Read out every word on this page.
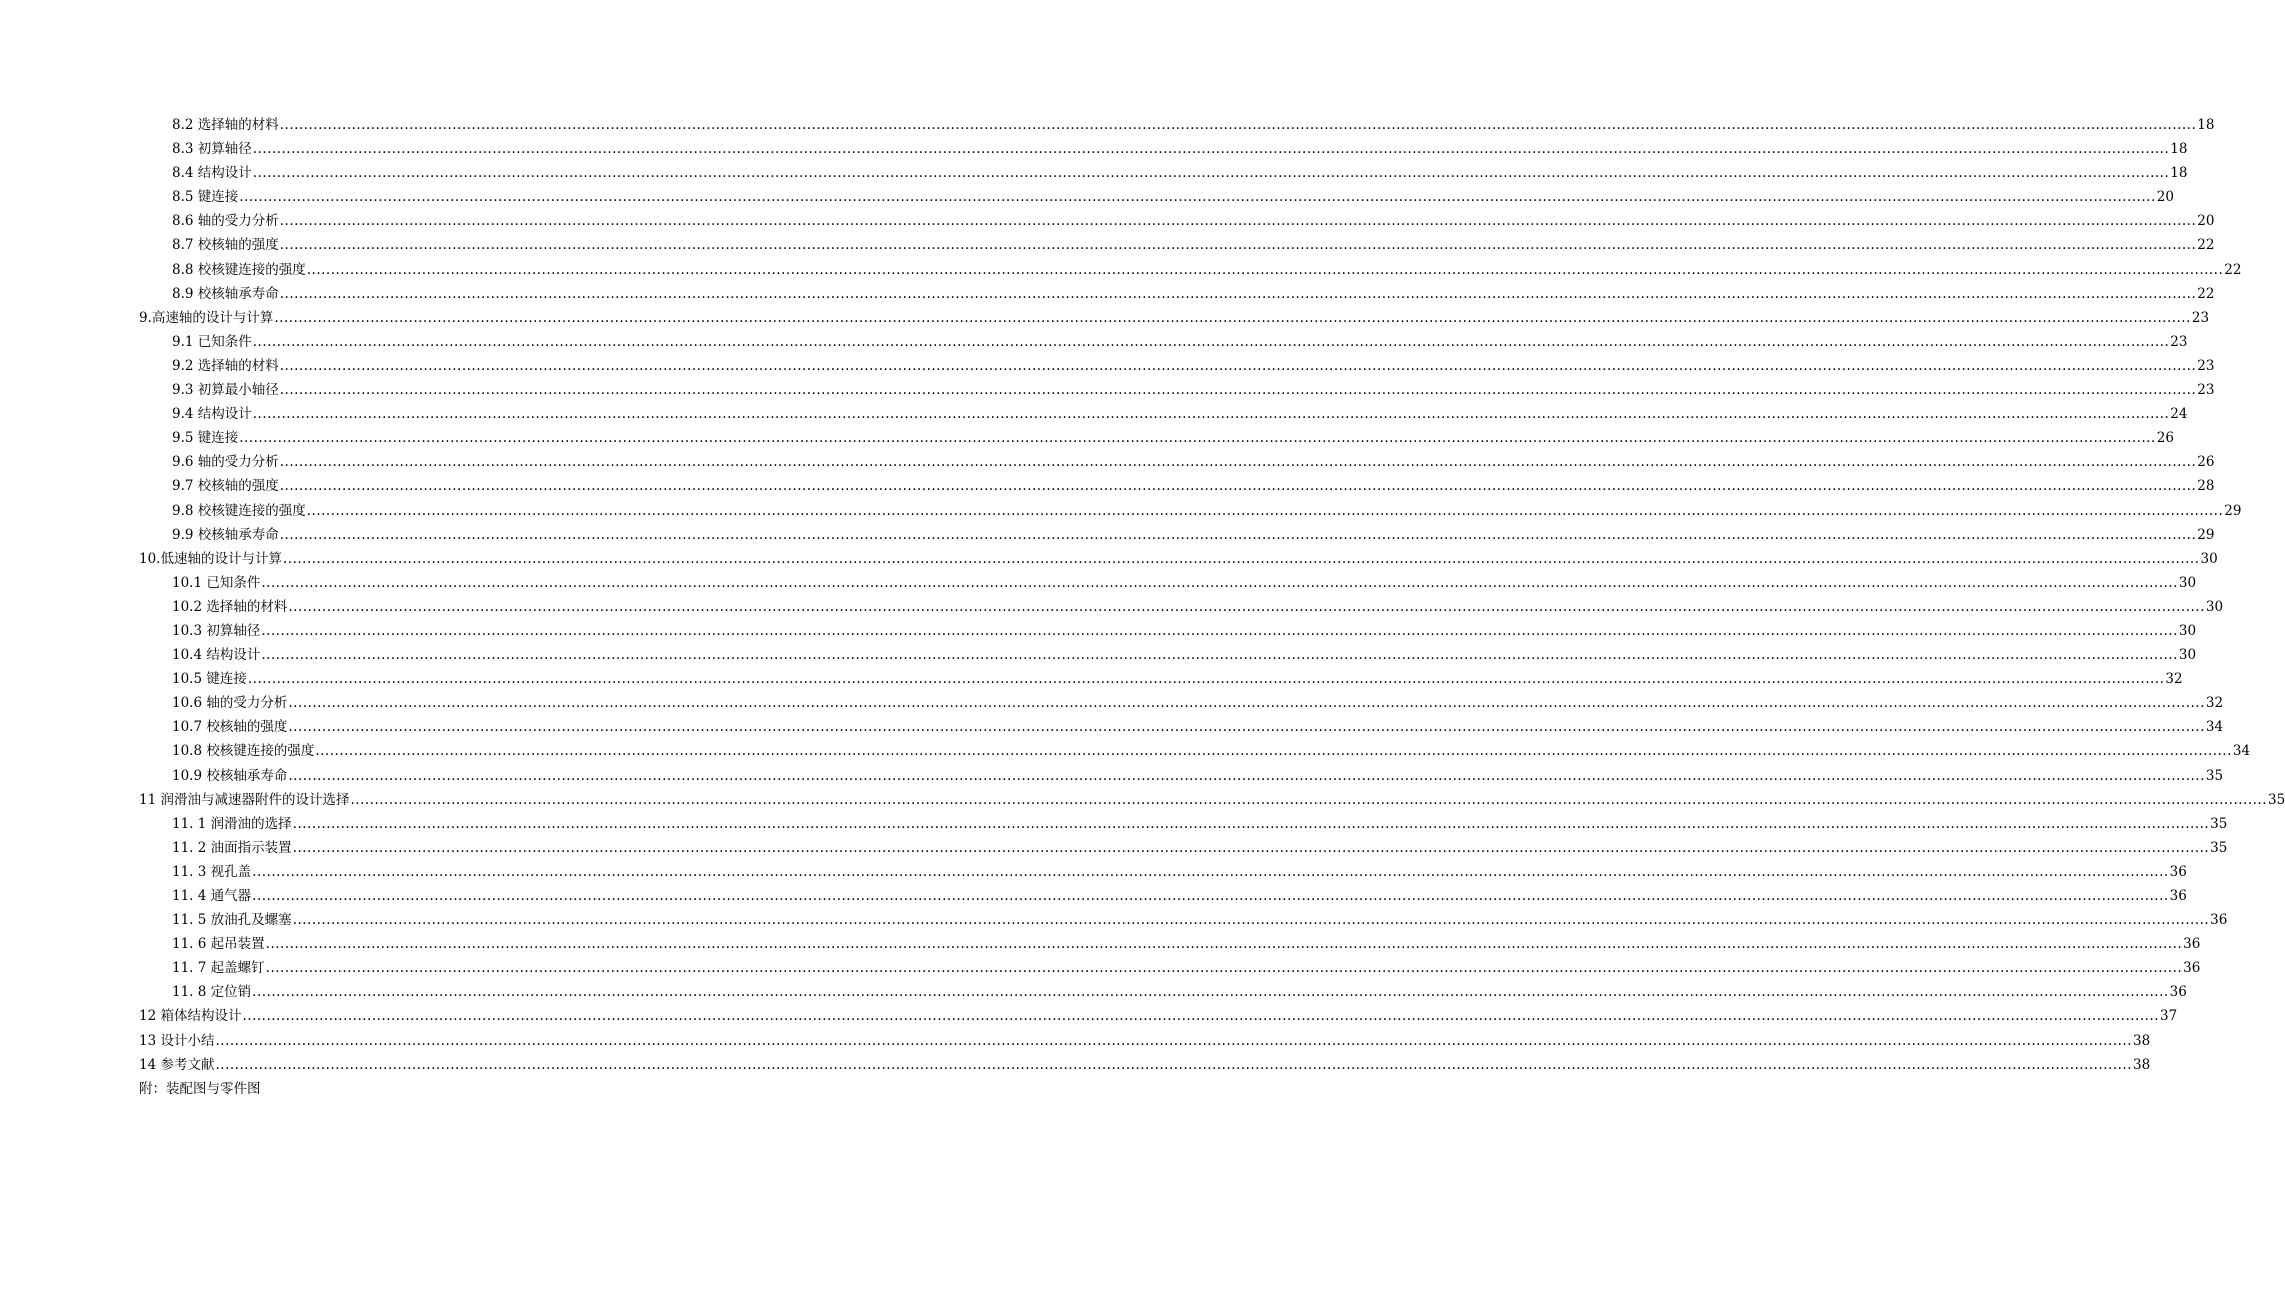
8.2 选择轴的材料 ................................................................................................................................................................................................................................................................................................................................................................................................................ 18
8.3 初算轴径 ................................................................................................................................................................................................................................................................................................................................................................................................................ 18
8.4 结构设计 ................................................................................................................................................................................................................................................................................................................................................................................................................ 18
8.5 键连接 ................................................................................................................................................................................................................................................................................................................................................................................................................ 20
8.6 轴的受力分析 ................................................................................................................................................................................................................................................................................................................................................................................................................ 20
8.7 校核轴的强度 ................................................................................................................................................................................................................................................................................................................................................................................................................ 22
8.8 校核键连接的强度 ................................................................................................................................................................................................................................................................................................................................................................................................................ 22
8.9 校核轴承寿命 ................................................................................................................................................................................................................................................................................................................................................................................................................ 22
9.高速轴的设计与计算 ................................................................................................................................................................................................................................................................................................................................................................................................................ 23
9.1 已知条件 ................................................................................................................................................................................................................................................................................................................................................................................................................ 23
9.2 选择轴的材料 ................................................................................................................................................................................................................................................................................................................................................................................................................ 23
9.3 初算最小轴径 ................................................................................................................................................................................................................................................................................................................................................................................................................ 23
9.4 结构设计 ................................................................................................................................................................................................................................................................................................................................................................................................................ 24
9.5 键连接 ................................................................................................................................................................................................................................................................................................................................................................................................................ 26
9.6 轴的受力分析 ................................................................................................................................................................................................................................................................................................................................................................................................................ 26
9.7 校核轴的强度 ................................................................................................................................................................................................................................................................................................................................................................................................................ 28
9.8 校核键连接的强度 ................................................................................................................................................................................................................................................................................................................................................................................................................ 29
9.9 校核轴承寿命 ................................................................................................................................................................................................................................................................................................................................................................................................................ 29
10.低速轴的设计与计算 ................................................................................................................................................................................................................................................................................................................................................................................................................ 30
10.1 已知条件 ................................................................................................................................................................................................................................................................................................................................................................................................................ 30
10.2 选择轴的材料 ................................................................................................................................................................................................................................................................................................................................................................................................................ 30
10.3 初算轴径 ................................................................................................................................................................................................................................................................................................................................................................................................................ 30
10.4 结构设计 ................................................................................................................................................................................................................................................................................................................................................................................................................ 30
10.5 键连接 ................................................................................................................................................................................................................................................................................................................................................................................................................ 32
10.6 轴的受力分析 ................................................................................................................................................................................................................................................................................................................................................................................................................ 32
10.7 校核轴的强度 ................................................................................................................................................................................................................................................................................................................................................................................................................ 34
10.8 校核键连接的强度 ................................................................................................................................................................................................................................................................................................................................................................................................................ 34
10.9 校核轴承寿命 ................................................................................................................................................................................................................................................................................................................................................................................................................ 35
11 润滑油与减速器附件的设计选择 ................................................................................................................................................................................................................................................................................................................................................................................................................ 35
11. 1 润滑油的选择 ................................................................................................................................................................................................................................................................................................................................................................................................................ 35
11. 2 油面指示装置 ................................................................................................................................................................................................................................................................................................................................................................................................................ 35
11. 3 视孔盖 ................................................................................................................................................................................................................................................................................................................................................................................................................ 36
11. 4 通气器 ................................................................................................................................................................................................................................................................................................................................................................................................................ 36
11. 5 放油孔及螺塞 ................................................................................................................................................................................................................................................................................................................................................................................................................ 36
11. 6 起吊装置 ................................................................................................................................................................................................................................................................................................................................................................................................................ 36
11. 7 起盖螺钉 ................................................................................................................................................................................................................................................................................................................................................................................................................ 36
11. 8 定位销 ................................................................................................................................................................................................................................................................................................................................................................................................................ 36
12 箱体结构设计 ................................................................................................................................................................................................................................................................................................................................................................................................................ 37
13 设计小结 ................................................................................................................................................................................................................................................................................................................................................................................................................ 38
14 参考文献 ................................................................................................................................................................................................................................................................................................................................................................................................................ 38
附：装配图与零件图
